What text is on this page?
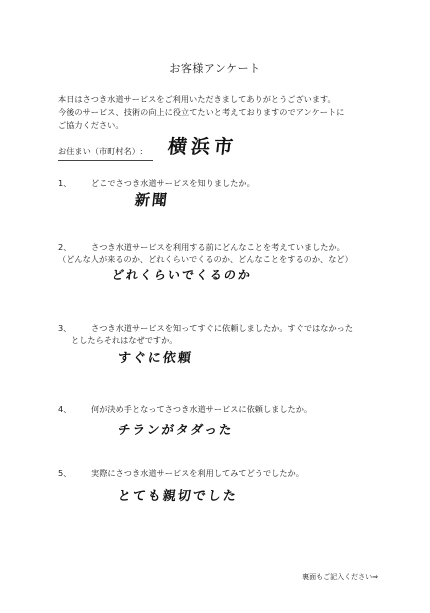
お客様アンケート
本日はさつき水道サービスをご利用いただきましてありがとうございます。
今後のサービス、技術の向上に役立てたいと考えておりますのでアンケートに
ご協力ください。
お住まい（市町村名）: 横浜市
1、 どこでさつき水道サービスを知りましたか。
新聞
2、 さつき水道サービスを利用する前にどんなことを考えていましたか。
（どんな人が来るのか、どれくらいでくるのか、どんなことをするのか、など）
どれくらいでくるのか
3、 さつき水道サービスを知ってすぐに依頼しましたか。すぐではなかった
としたらそれはなぜですか。
すぐに依頼
4、 何が決め手となってさつき水道サービスに依頼しましたか。
チランがタダった
5、 実際にさつき水道サービスを利用してみてどうでしたか。
とても親切でした
裏面もご記入ください⇒
